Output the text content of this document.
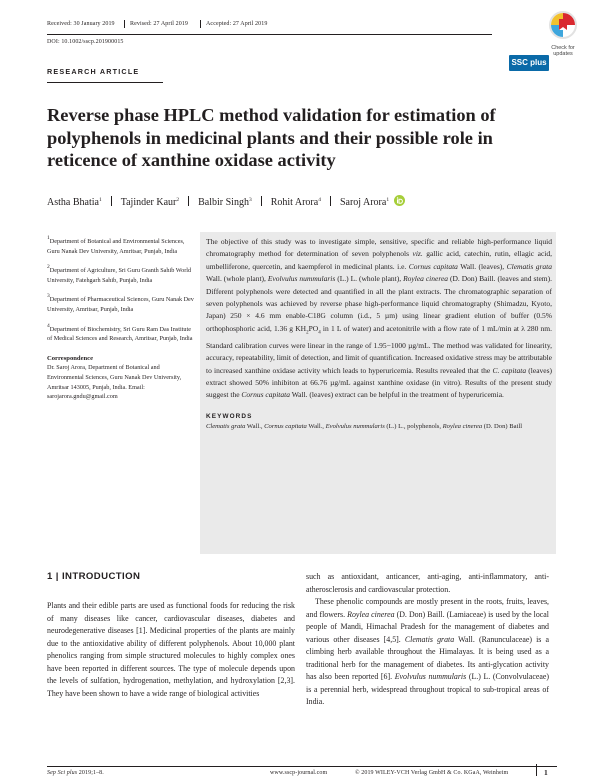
Received: 30 January 2019	Revised: 27 April 2019	Accepted: 27 April 2019
DOI: 10.1002/sscp.201900015
Check for updates
SSC plus
RESEARCH ARTICLE
Reverse phase HPLC method validation for estimation of polyphenols in medicinal plants and their possible role in reticence of xanthine oxidase activity
Astha Bhatia$^1$ Tajinder Kaur$^2$ Balbir Singh$^3$ Rohit Arora$^4$ Saroj Arora$^1$

1Department of Botanical and Environmental Sciences, Guru Nanak Dev University, Amritsar, Punjab, India

2Department of Agriculture, Sri Guru Granth Sahib World University, Fatehgarh Sahib, Punjab, India

3Department of Pharmaceutical Sciences, Guru Nanak Dev University, Amritsar, Punjab, India

4Department of Biochemistry, Sri Guru Ram Das Institute of Medical Sciences and Research, Amritsar, Punjab, India

Correspondence

Dr. Saroj Arora, Department of Botanical and Environmental Sciences, Guru Nanak Dev University, Amritsar 143005, Punjab, India. Email: sarojarora.gndu@gmail.com

The objective of this study was to investigate simple, sensitive, specific and reliable high-performance liquid chromatography method for determination of seven polyphenols viz. gallic acid, catechin, rutin, ellagic acid, umbelliferone, quercetin, and kaempferol in medicinal plants. i.e. Cornus capitata Wall. (leaves), Clematis grata Wall. (whole plant), Evolvulus nummularis (L.) L. (whole plant), Roylea cinerea (D. Don) Baill. (leaves and stem). Different polyphenols were detected and quantified in all the plant extracts. The chromatographic separation of seven polyphenols was achieved by reverse phase high-performance liquid chromatography (Shimadzu, Kyoto, Japan) 250 × 4.6 mm enable-C18G column (i.d., 5 µm) using linear gradient elution of buffer (0.5% orthophosphoric acid, 1.36 g $KH_2PO_4$ in 1 L of water) and acetonitrile with a flow rate of 1 mL/min at λ 280 nm. Standard calibration curves were linear in the range of 1.95−1000 µg/mL. The method was validated for linearity, accuracy, repeatability, limit of detection, and limit of quantification. Increased oxidative stress may be attributable to increased xanthine oxidase activity which leads to hyperuricemia. Results revealed that the C. capitata (leaves) extract showed 50% inhibiton at 66.76 µg/mL against xanthine oxidase (in vitro). Results of the present study suggest the Cornus capitata Wall. (leaves) extract can be helpful in the treatment of hyperuricemia.

KEYWORDS

Clematis grata Wall., Cornus capitata Wall., Evolvulus nummularis (L.) L., polyphenols, Roylea cinerea (D. Don) Baill

1 | INTRODUCTION

Plants and their edible parts are used as functional foods for reducing the risk of many diseases like cancer, cardiovascular diseases, diabetes and neurodegenerative diseases [1]. Medicinal properties of the plants are mainly due to the antioxidative ability of different polyphenols. About 10,000 plant phenolics ranging from simple structured molecules to highly complex ones have been reported in different sources. The type of molecule depends upon the levels of sulfation, hydrogenation, methylation, and hydroxylation [2,3]. They have been shown to have a wide range of biological activities

such as antioxidant, anticancer, anti-aging, anti-inflammatory, anti-atherosclerosis and cardiovascular protection.

These phenolic compounds are mostly present in the roots, fruits, leaves, and flowers. Roylea cinerea (D. Don) Baill. (Lamiaceae) is used by the local people of Mandi, Himachal Pradesh for the management of diabetes and various other diseases [4,5]. Clematis grata Wall. (Ranunculaceae) is a climbing herb available throughout the Himalayas. It is being used as a traditional herb for the management of diabetes. Its anti-glycation activity has also been reported [6]. Evolvulus nummularis (L.) L. (Convolvulaceae) is a perennial herb, widespread throughout tropical to sub-tropical areas of India.

Sep Sci plus 2019;1–8.	www.sscp-journal.com	© 2019 WILEY-VCH Verlag GmbH & Co. KGaA, Weinheim	1
